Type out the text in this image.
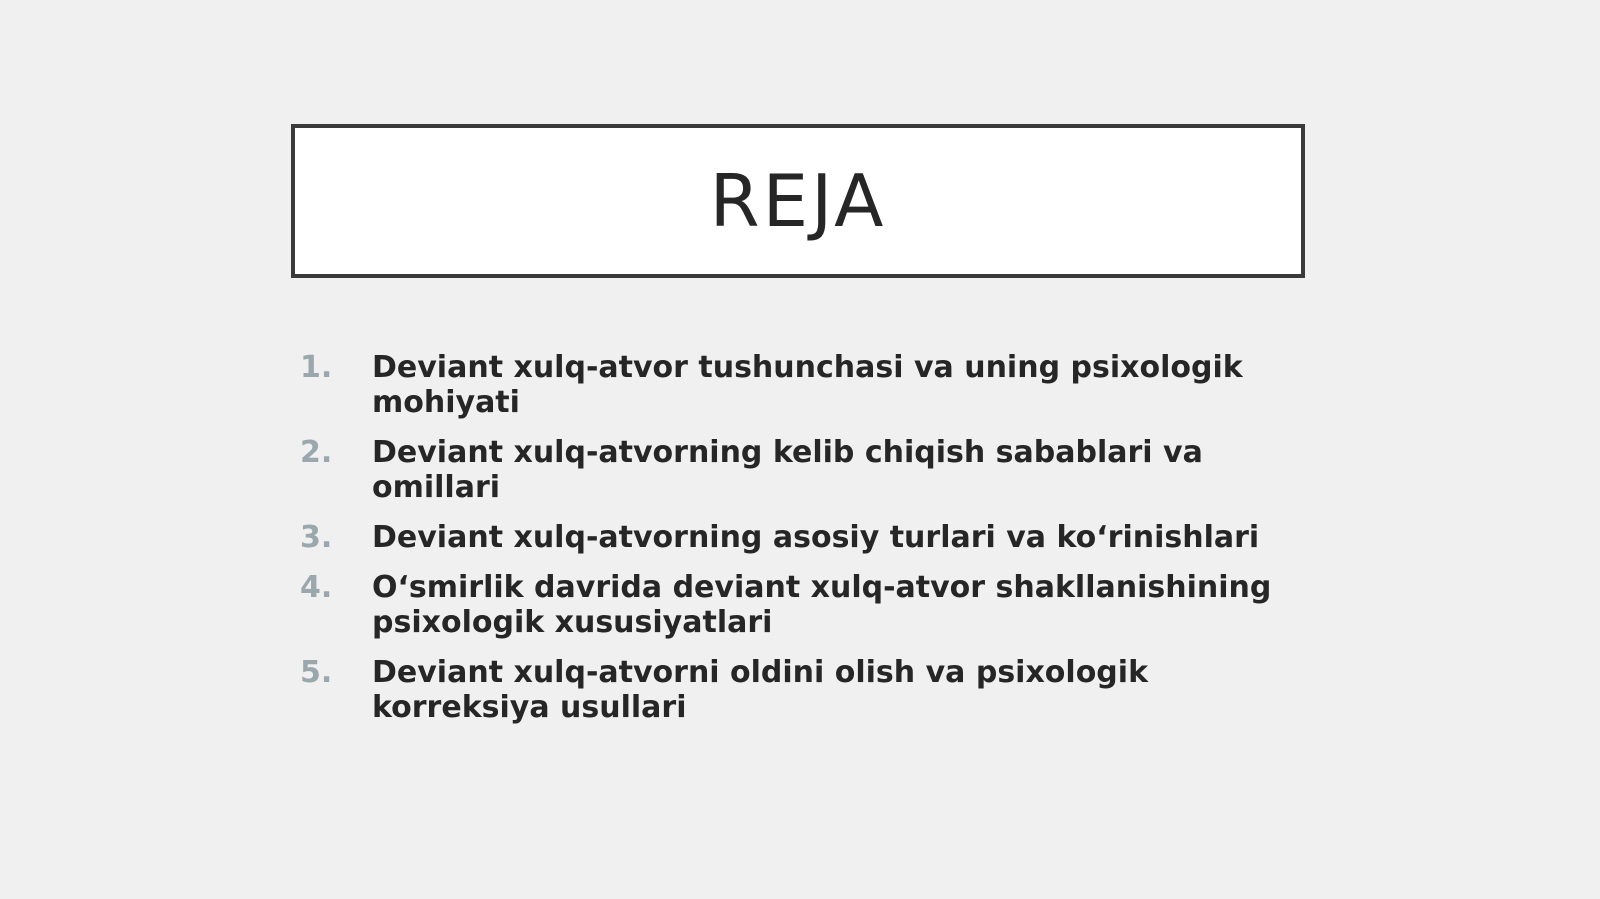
REJA
1.	Deviant xulq-atvor tushunchasi va uning psixologik mohiyati
2.	Deviant xulq-atvorning kelib chiqish sabablari va omillari
3.	Deviant xulq-atvorning asosiy turlari va ko‘rinishlari
4.	O‘smirlik davrida deviant xulq-atvor shakllanishining psixologik xususiyatlari
5.	Deviant xulq-atvorni oldini olish va psixologik korreksiya usullari
